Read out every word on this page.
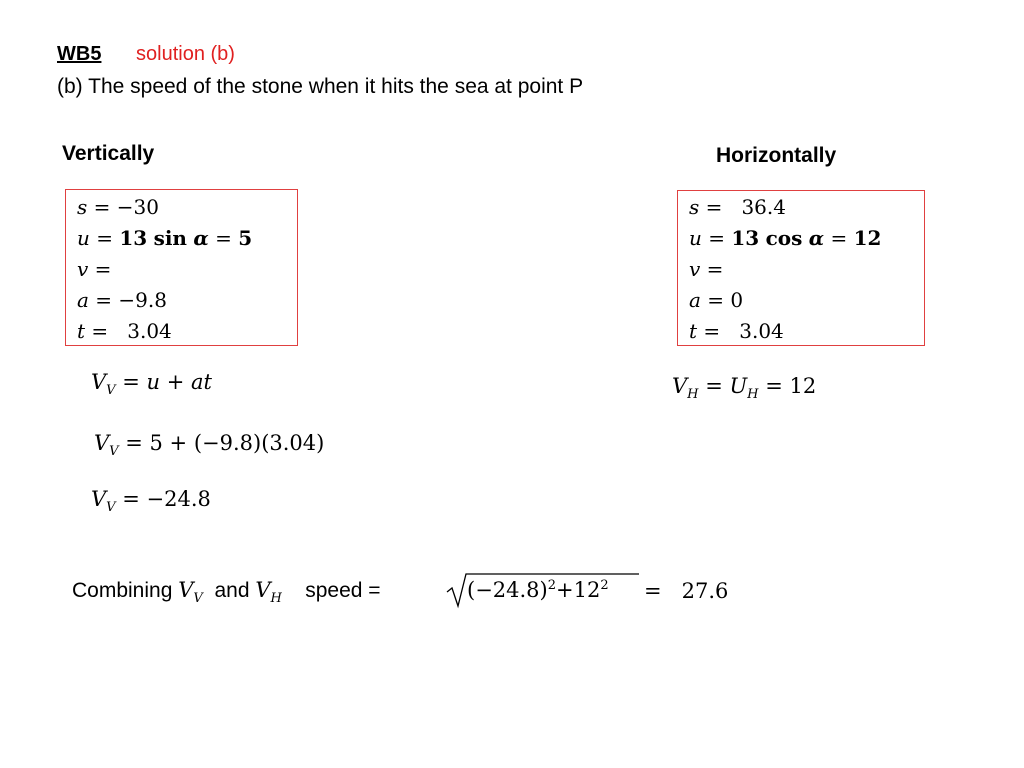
WB5 solution (b)
(b) The speed of the stone when it hits the sea at point P
Vertically	Horizontally
s = −30
u = 13 sin α = 5
v =
a = −9.8
t =   3.04
s =   36.4
u = 13 cos α = 12
v =
a = 0
t =   3.04
$V_V = u$ + at
$V_V = 5 + (-9.8)(3.04)$
$V_V = -24.8$
$V_H = U_H = 12$
Combining $V_V$ and $V_H$ speed =	$(-24.8)^2+12^2 = 27.6$
